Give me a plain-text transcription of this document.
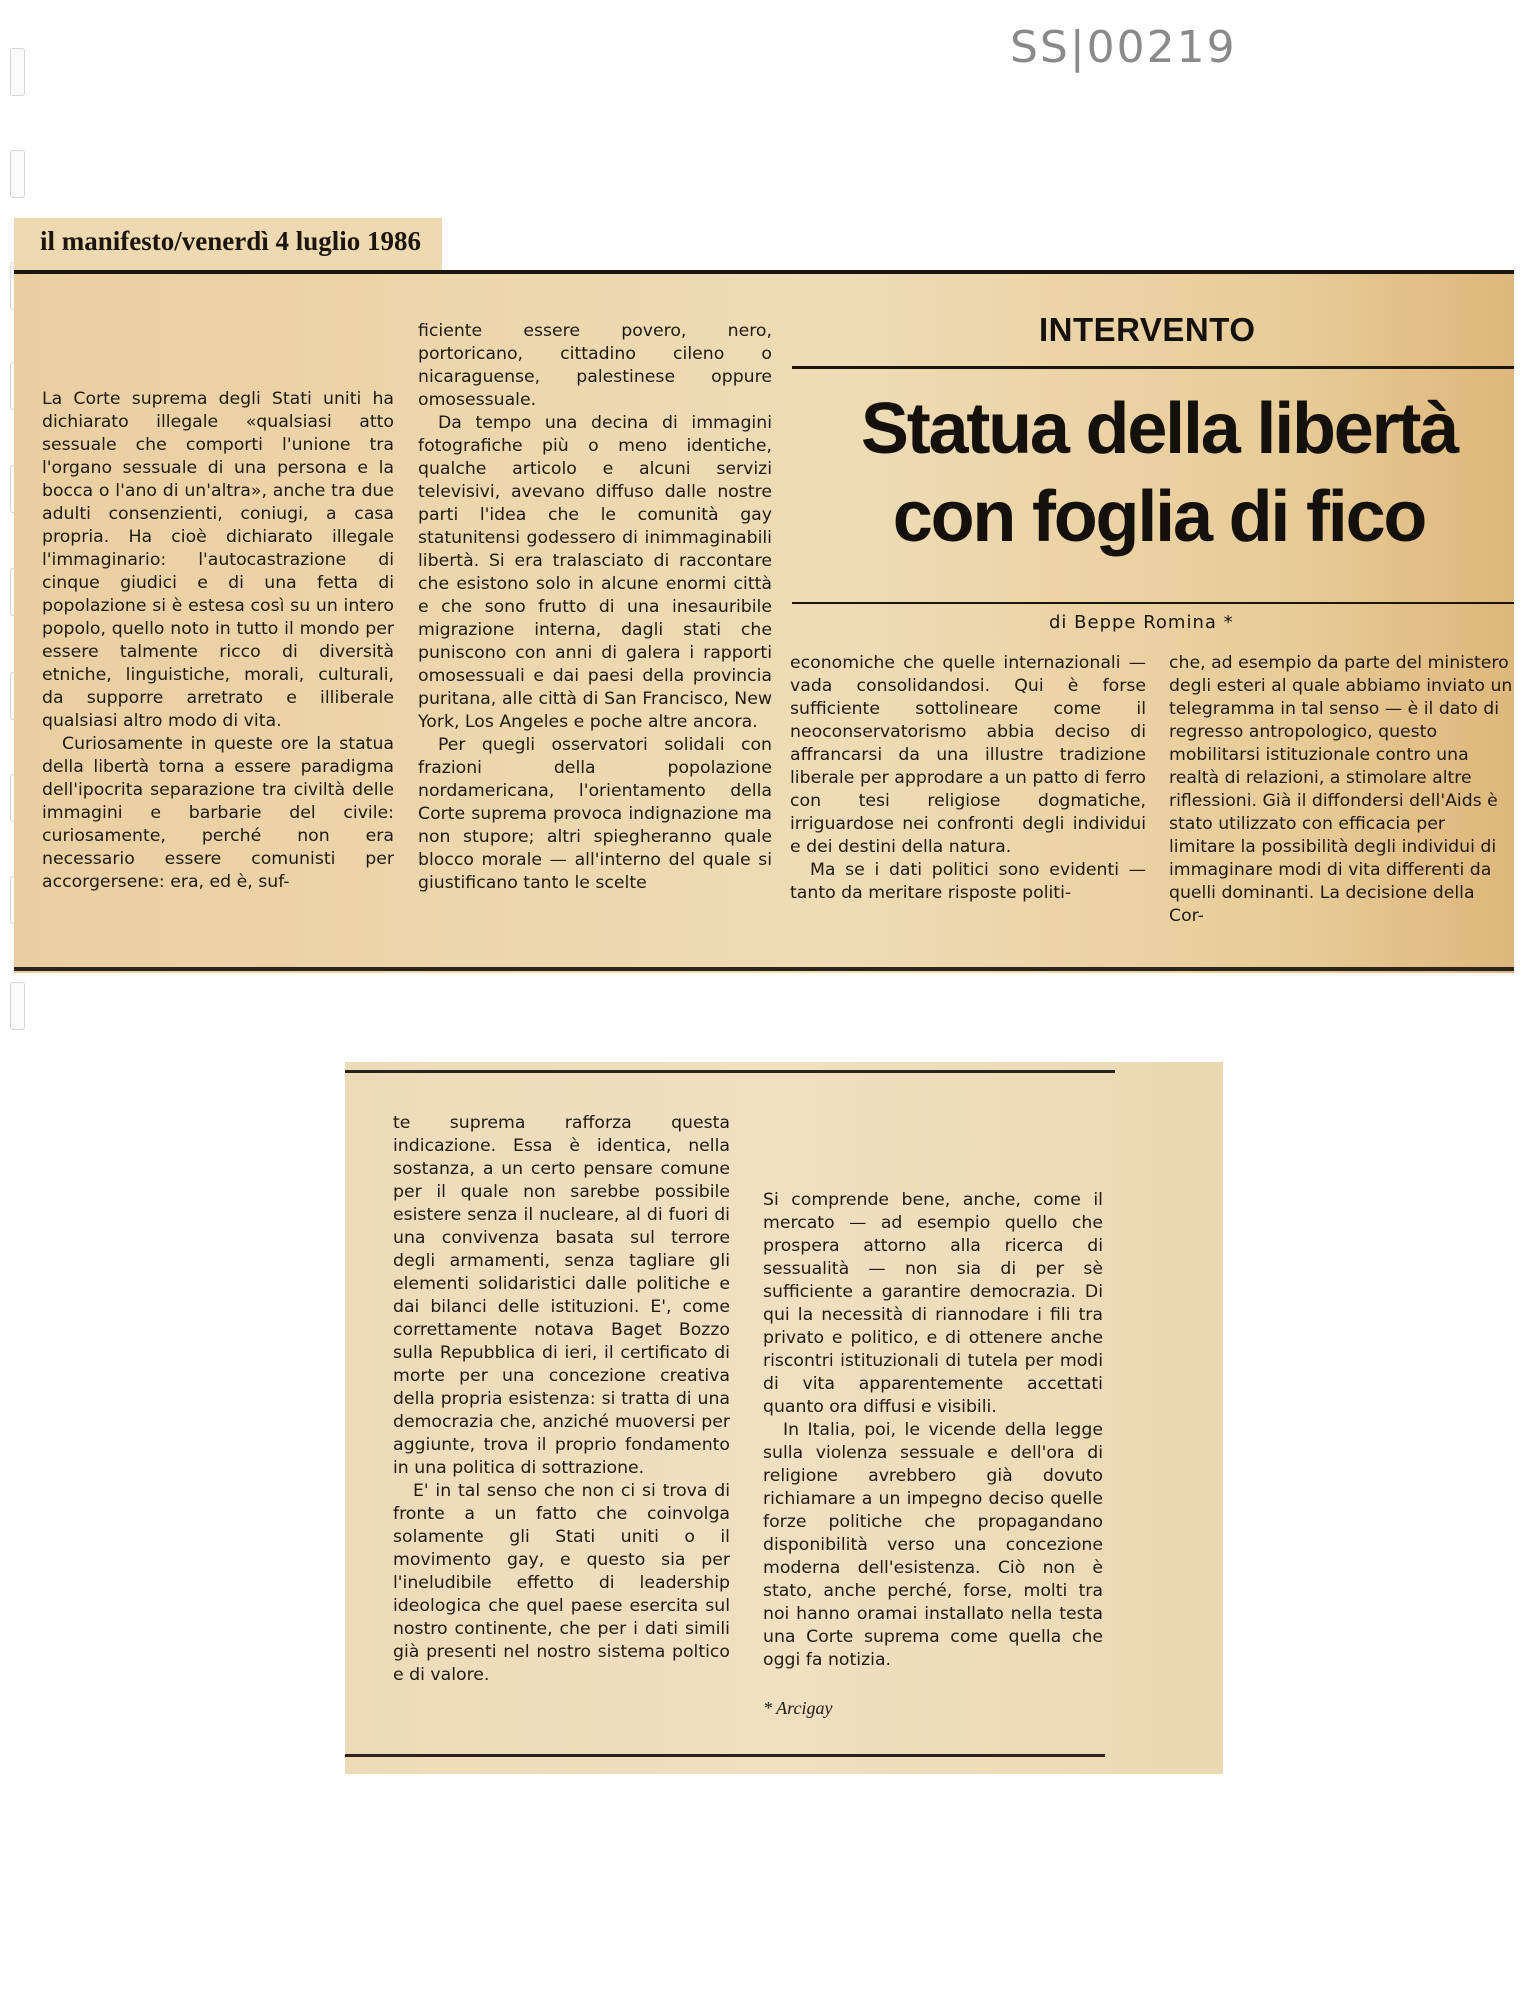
SS|00219
il manifesto/venerdì 4 luglio 1986

La Corte suprema degli Stati uniti ha dichiarato illegale «qualsiasi atto sessuale che comporti l'unione tra l'organo sessuale di una persona e la bocca o l'ano di un'altra», anche tra due adulti consenzienti, coniugi, a casa propria. Ha cioè dichiarato illegale l'immaginario: l'autocastrazione di cinque giudici e di una fetta di popolazione si è estesa così su un intero popolo, quello noto in tutto il mondo per essere talmente ricco di diversità etniche, linguistiche, morali, culturali, da supporre arretrato e illiberale qualsiasi altro modo di vita.

Curiosamente in queste ore la statua della libertà torna a essere paradigma dell'ipocrita separazione tra civiltà delle immagini e barbarie del civile: curiosamente, perché non era necessario essere comunisti per accorgersene: era, ed è, suf-

ficiente essere povero, nero, portoricano, cittadino cileno o nicaraguense, palestinese oppure omosessuale.

Da tempo una decina di immagini fotografiche più o meno identiche, qualche articolo e alcuni servizi televisivi, avevano diffuso dalle nostre parti l'idea che le comunità gay statunitensi godessero di inimmaginabili libertà. Si era tralasciato di raccontare che esistono solo in alcune enormi città e che sono frutto di una inesauribile migrazione interna, dagli stati che puniscono con anni di galera i rapporti omosessuali e dai paesi della provincia puritana, alle città di San Francisco, New York, Los Angeles e poche altre ancora.

Per quegli osservatori solidali con frazioni della popolazione nordamericana, l'orientamento della Corte suprema provoca indignazione ma non stupore; altri spiegheranno quale blocco morale — all'interno del quale si giustificano tanto le scelte

INTERVENTO
Statua della libertà
con foglia di fico
di Beppe Romina *

economiche che quelle internazionali — vada consolidandosi. Qui è forse sufficiente sottolineare come il neoconservatorismo abbia deciso di affrancarsi da una illustre tradizione liberale per approdare a un patto di ferro con tesi religiose dogmatiche, irriguardose nei confronti degli individui e dei destini della natura.

Ma se i dati politici sono evidenti — tanto da meritare risposte politi-

che, ad esempio da parte del ministero degli esteri al quale abbiamo inviato un telegramma in tal senso — è il dato di regresso antropologico, questo mobilitarsi istituzionale contro una realtà di relazioni, a stimolare altre riflessioni. Già il diffondersi dell'Aids è stato utilizzato con efficacia per limitare la possibilità degli individui di immaginare modi di vita differenti da quelli dominanti. La decisione della Cor-

te suprema rafforza questa indicazione. Essa è identica, nella sostanza, a un certo pensare comune per il quale non sarebbe possibile esistere senza il nucleare, al di fuori di una convivenza basata sul terrore degli armamenti, senza tagliare gli elementi solidaristici dalle politiche e dai bilanci delle istituzioni. E', come correttamente notava Baget Bozzo sulla Repubblica di ieri, il certificato di morte per una concezione creativa della propria esistenza: si tratta di una democrazia che, anziché muoversi per aggiunte, trova il proprio fondamento in una politica di sottrazione.

E' in tal senso che non ci si trova di fronte a un fatto che coinvolga solamente gli Stati uniti o il movimento gay, e questo sia per l'ineludibile effetto di leadership ideologica che quel paese esercita sul nostro continente, che per i dati simili già presenti nel nostro sistema poltico e di valore.

Si comprende bene, anche, come il mercato — ad esempio quello che prospera attorno alla ricerca di sessualità — non sia di per sè sufficiente a garantire democrazia. Di qui la necessità di riannodare i fili tra privato e politico, e di ottenere anche riscontri istituzionali di tutela per modi di vita apparentemente accettati quanto ora diffusi e visibili.

In Italia, poi, le vicende della legge sulla violenza sessuale e dell'ora di religione avrebbero già dovuto richiamare a un impegno deciso quelle forze politiche che propagandano disponibilità verso una concezione moderna dell'esistenza. Ciò non è stato, anche perché, forse, molti tra noi hanno oramai installato nella testa una Corte suprema come quella che oggi fa notizia.

* Arcigay
